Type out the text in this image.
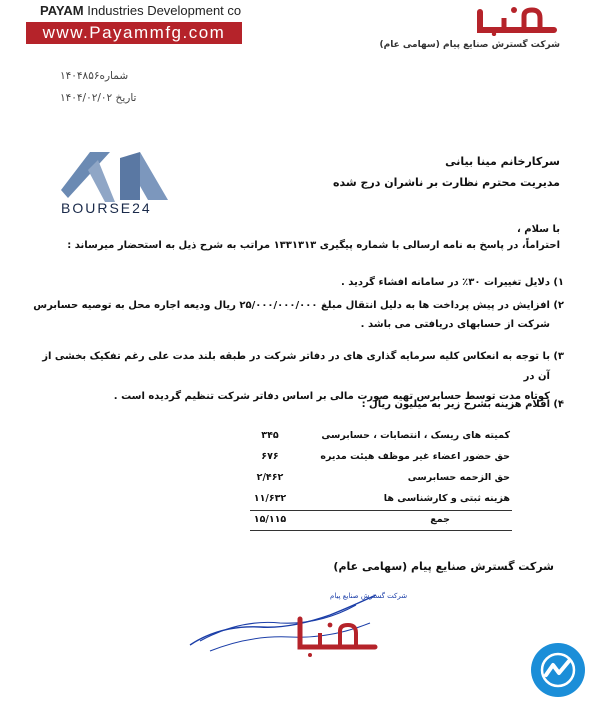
PAYAM Industries Development co
www.Payammfg.com
شرکت گسترش صنایع پیام (سهامی عام)
شماره۱۴۰۴۸۵۶
تاریخ ۱۴۰۴/۰۲/۰۲
BOURSE24
سرکارخانم مینا بیانی
مدیریت محترم نظارت بر ناشران درج شده
با سلام ،
احتراماً، در پاسخ به نامه ارسالی با شماره پیگیری ۱۳۳۱۳۱۳ مراتب به شرح ذیل به استحضار میرساند :
۱)
دلایل تغییرات ۳۰٪ در سامانه افشاء گردید .
۲)
افزایش در پیش پرداخت ها به دلیل انتقال مبلغ ۲۵/۰۰۰/۰۰۰/۰۰۰ ریال ودیعه اجاره محل به توصیه حسابرس
شرکت از حسابهای دریافتی می باشد .
۳)
با توجه به انعکاس کلیه سرمایه گذاری های در دفاتر شرکت در طبقه بلند مدت علی رغم تفکیک بخشی از آن در
کوتاه مدت توسط حسابرس تهیه صورت مالی بر اساس دفاتر شرکت تنظیم گردیده است .
۴)
اقلام هزینه بشرح زیر به میلیون ریال :
کمیته های ریسک ، انتصابات ، حسابرسی
۳۴۵
حق حضور اعضاء غیر موظف هیئت مدیره
۶۷۶
حق الزحمه حسابرسی
۲/۴۶۲
هزینه ثبتی و کارشناسی ها
۱۱/۶۳۲
جمع
۱۵/۱۱۵
شرکت گسترش صنایع پیام (سهامی عام)
شرکت گسترش صنایع پیام
